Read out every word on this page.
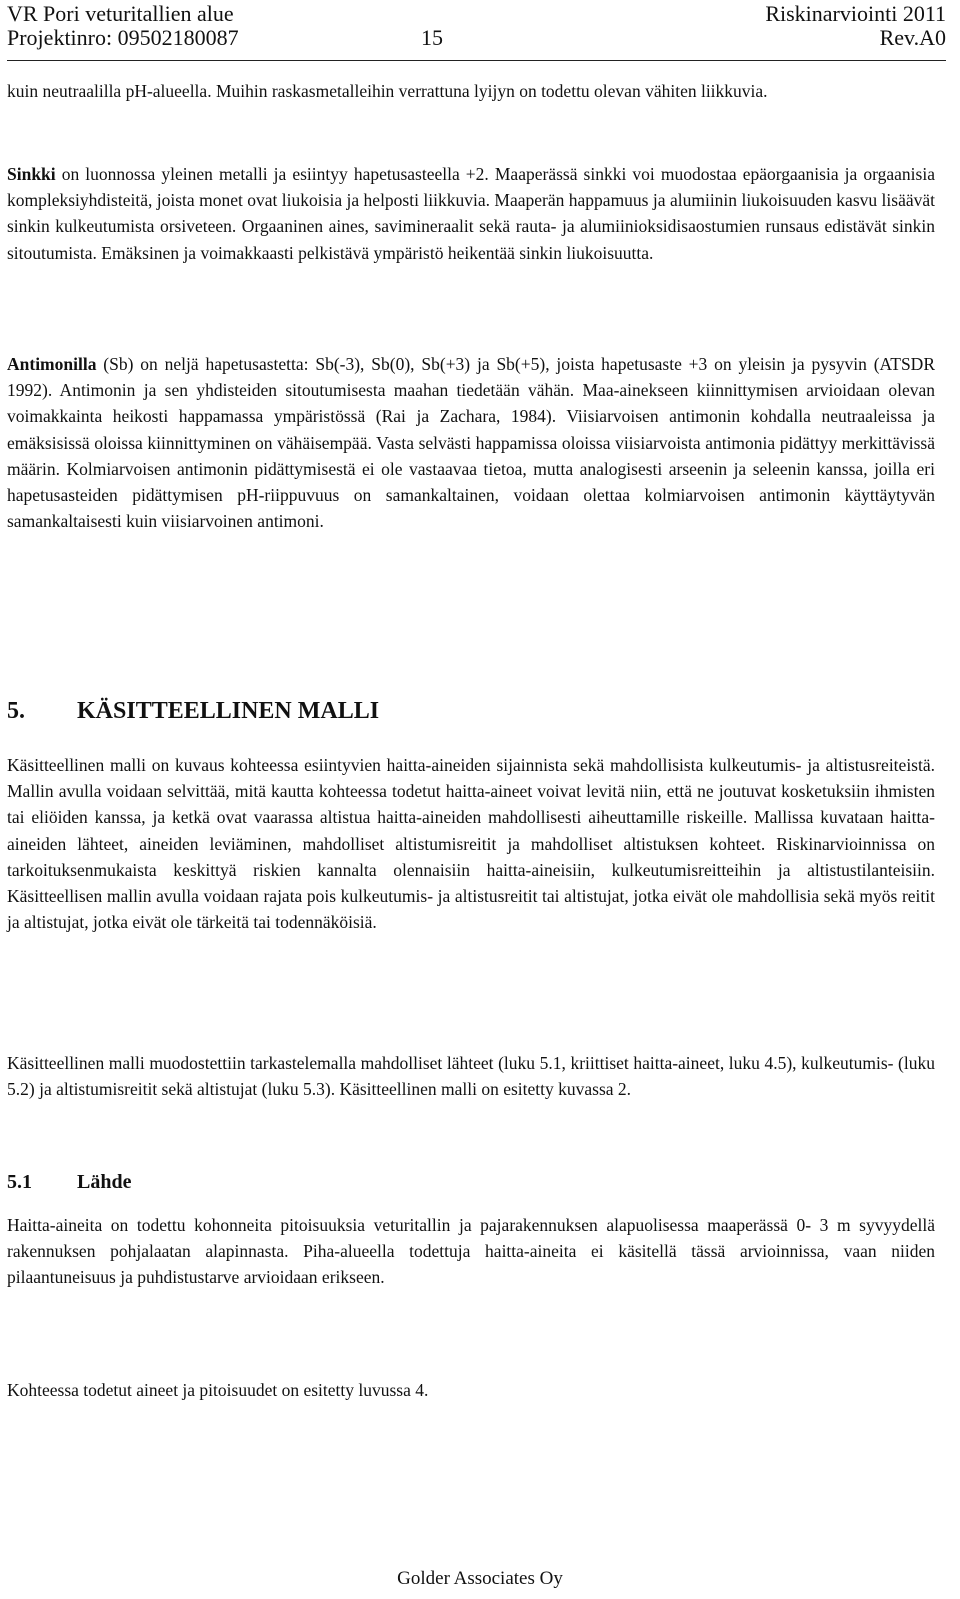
VR Pori veturitallien alue	Riskinarviointi 2011
Projektinro: 09502180087	15	Rev.A0

kuin neutraalilla pH-alueella. Muihin raskasmetalleihin verrattuna lyijyn on todettu olevan vähiten liikkuvia.

Sinkki on luonnossa yleinen metalli ja esiintyy hapetusasteella +2. Maaperässä sinkki voi muodostaa epäorgaanisia ja orgaanisia kompleksiyhdisteitä, joista monet ovat liukoisia ja helposti liikkuvia. Maaperän happamuus ja alumiinin liukoisuuden kasvu lisäävät sinkin kulkeutumista orsiveteen. Orgaaninen aines, savimineraalit sekä rauta- ja alumiinioksidisaostumien runsaus edistävät sinkin sitoutumista. Emäksinen ja voimakkaasti pelkistävä ympäristö heikentää sinkin liukoisuutta.

Antimonilla (Sb) on neljä hapetusastetta: Sb(-3), Sb(0), Sb(+3) ja Sb(+5), joista hapetusaste +3 on yleisin ja pysyvin (ATSDR 1992). Antimonin ja sen yhdisteiden sitoutumisesta maahan tiedetään vähän. Maa-ainekseen kiinnittymisen arvioidaan olevan voimakkainta heikosti happamassa ympäristössä (Rai ja Zachara, 1984). Viisiarvoisen antimonin kohdalla neutraaleissa ja emäksisissä oloissa kiinnittyminen on vähäisempää. Vasta selvästi happamissa oloissa viisiarvoista antimonia pidättyy merkittävissä määrin. Kolmiarvoisen antimonin pidättymisestä ei ole vastaavaa tietoa, mutta analogisesti arseenin ja seleenin kanssa, joilla eri hapetusasteiden pidättymisen pH-riippuvuus on samankaltainen, voidaan olettaa kolmiarvoisen antimonin käyttäytyvän samankaltaisesti kuin viisiarvoinen antimoni.

5. KÄSITTEELLINEN MALLI

Käsitteellinen malli on kuvaus kohteessa esiintyvien haitta-aineiden sijainnista sekä mahdollisista kulkeutumis- ja altistusreiteistä. Mallin avulla voidaan selvittää, mitä kautta kohteessa todetut haitta-aineet voivat levitä niin, että ne joutuvat kosketuksiin ihmisten tai eliöiden kanssa, ja ketkä ovat vaarassa altistua haitta-aineiden mahdollisesti aiheuttamille riskeille. Mallissa kuvataan haitta-aineiden lähteet, aineiden leviäminen, mahdolliset altistumisreitit ja mahdolliset altistuksen kohteet. Riskinarvioinnissa on tarkoituksenmukaista keskittyä riskien kannalta olennaisiin haitta-aineisiin, kulkeutumisreitteihin ja altistustilanteisiin. Käsitteellisen mallin avulla voidaan rajata pois kulkeutumis- ja altistusreitit tai altistujat, jotka eivät ole mahdollisia sekä myös reitit ja altistujat, jotka eivät ole tärkeitä tai todennäköisiä.

Käsitteellinen malli muodostettiin tarkastelemalla mahdolliset lähteet (luku 5.1, kriittiset haitta-aineet, luku 4.5), kulkeutumis- (luku 5.2) ja altistumisreitit sekä altistujat (luku 5.3). Käsitteellinen malli on esitetty kuvassa 2.

5.1 Lähde

Haitta-aineita on todettu kohonneita pitoisuuksia veturitallin ja pajarakennuksen alapuolisessa maaperässä 0- 3 m syvyydellä rakennuksen pohjalaatan alapinnasta. Piha-alueella todettuja haitta-aineita ei käsitellä tässä arvioinnissa, vaan niiden pilaantuneisuus ja puhdistustarve arvioidaan erikseen.

Kohteessa todetut aineet ja pitoisuudet on esitetty luvussa 4.

Golder Associates Oy
